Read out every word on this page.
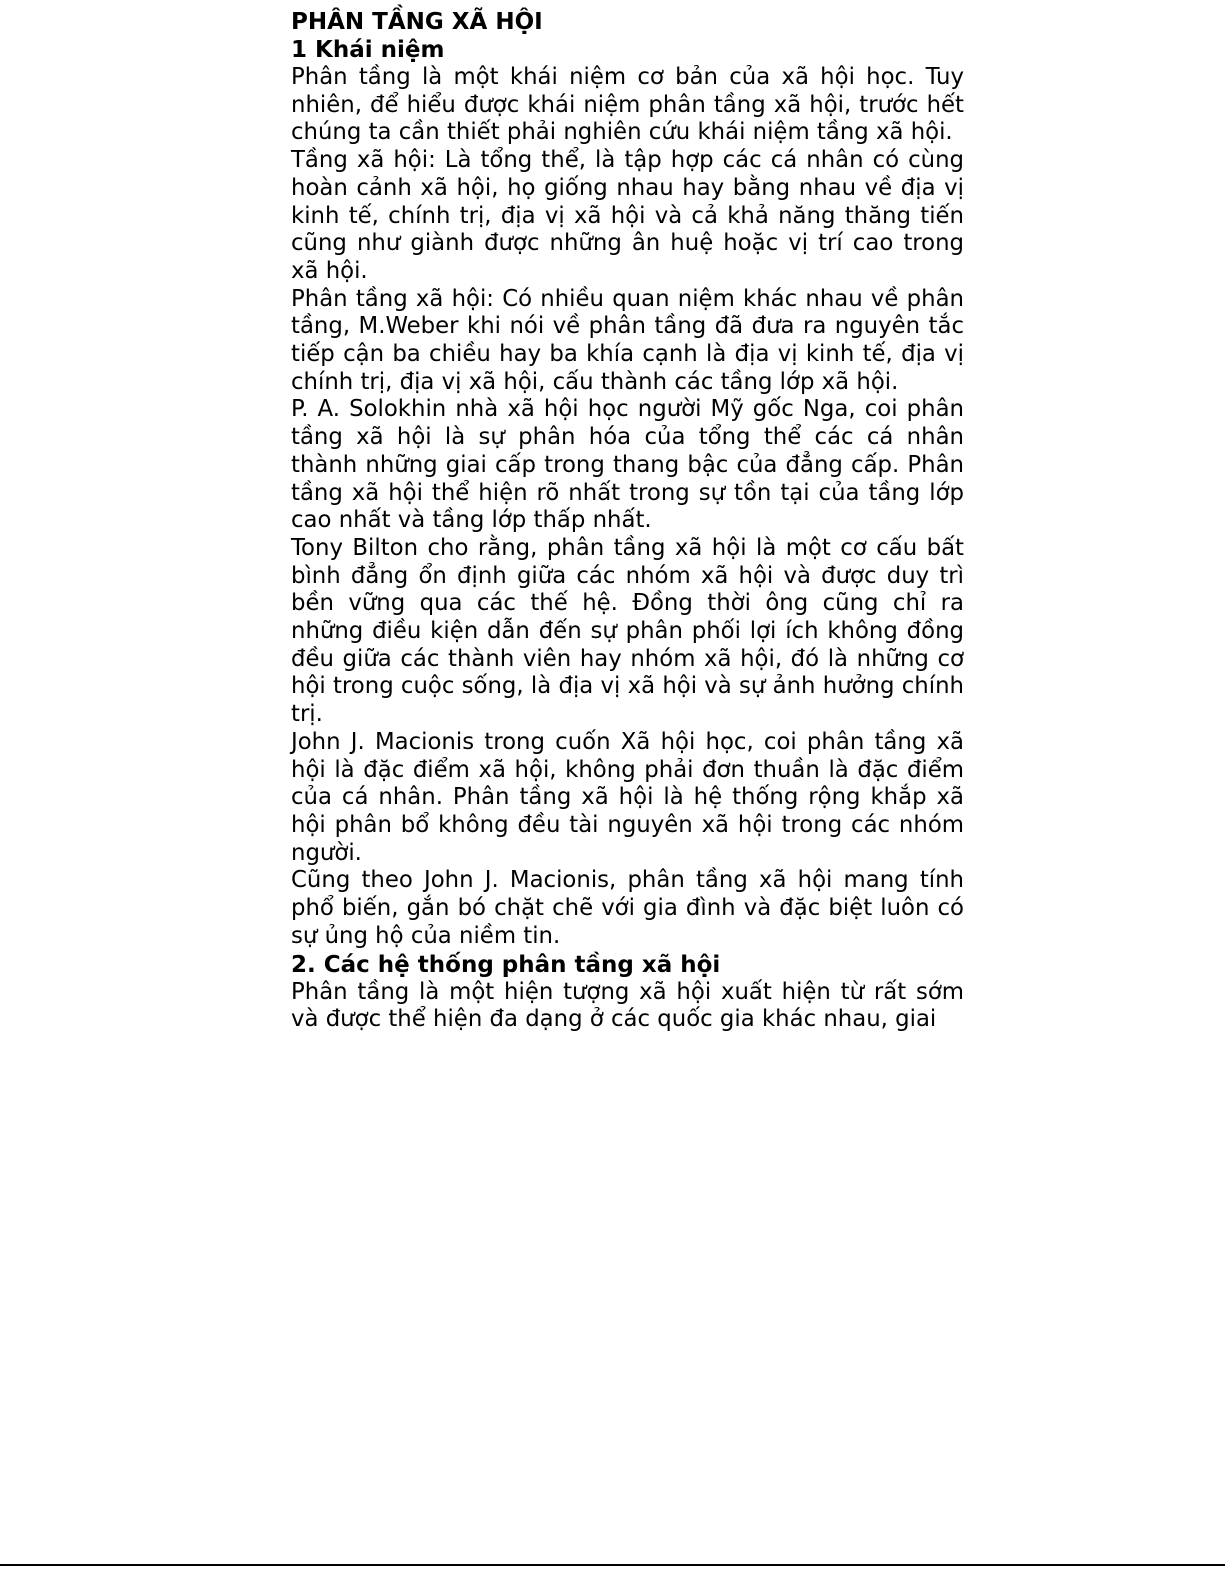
PHÂN TẦNG XÃ HỘI
1 Khái niệm

Phân tầng là một khái niệm cơ bản của xã hội học. Tuy nhiên, để hiểu được khái niệm phân tầng xã hội, trước hết chúng ta cần thiết phải nghiên cứu khái niệm tầng xã hội.

Tầng xã hội: Là tổng thể, là tập hợp các cá nhân có cùng hoàn cảnh xã hội, họ giống nhau hay bằng nhau về địa vị kinh tế, chính trị, địa vị xã hội và cả khả năng thăng tiến cũng như giành được những ân huệ hoặc vị trí cao trong xã hội.

Phân tầng xã hội: Có nhiều quan niệm khác nhau về phân tầng, M.Weber khi nói về phân tầng đã đưa ra nguyên tắc tiếp cận ba chiều hay ba khía cạnh là địa vị kinh tế, địa vị chính trị, địa vị xã hội, cấu thành các tầng lớp xã hội.

P. A. Solokhin nhà xã hội học người Mỹ gốc Nga, coi phân tầng xã hội là sự phân hóa của tổng thể các cá nhân thành những giai cấp trong thang bậc của đẳng cấp. Phân tầng xã hội thể hiện rõ nhất trong sự tồn tại của tầng lớp cao nhất và tầng lớp thấp nhất.

Tony Bilton cho rằng, phân tầng xã hội là một cơ cấu bất bình đẳng ổn định giữa các nhóm xã hội và được duy trì bền vững qua các thế hệ. Đồng thời ông cũng chỉ ra những điều kiện dẫn đến sự phân phối lợi ích không đồng đều giữa các thành viên hay nhóm xã hội, đó là những cơ hội trong cuộc sống, là địa vị xã hội và sự ảnh hưởng chính trị.

John J. Macionis trong cuốn Xã hội học, coi phân tầng xã hội là đặc điểm xã hội, không phải đơn thuần là đặc điểm của cá nhân. Phân tầng xã hội là hệ thống rộng khắp xã hội phân bổ không đều tài nguyên xã hội trong các nhóm người.

Cũng theo John J. Macionis, phân tầng xã hội mang tính phổ biến, gắn bó chặt chẽ với gia đình và đặc biệt luôn có sự ủng hộ của niềm tin.

2. Các hệ thống phân tầng xã hội

Phân tầng là một hiện tượng xã hội xuất hiện từ rất sớm và được thể hiện đa dạng ở các quốc gia khác nhau, giai
